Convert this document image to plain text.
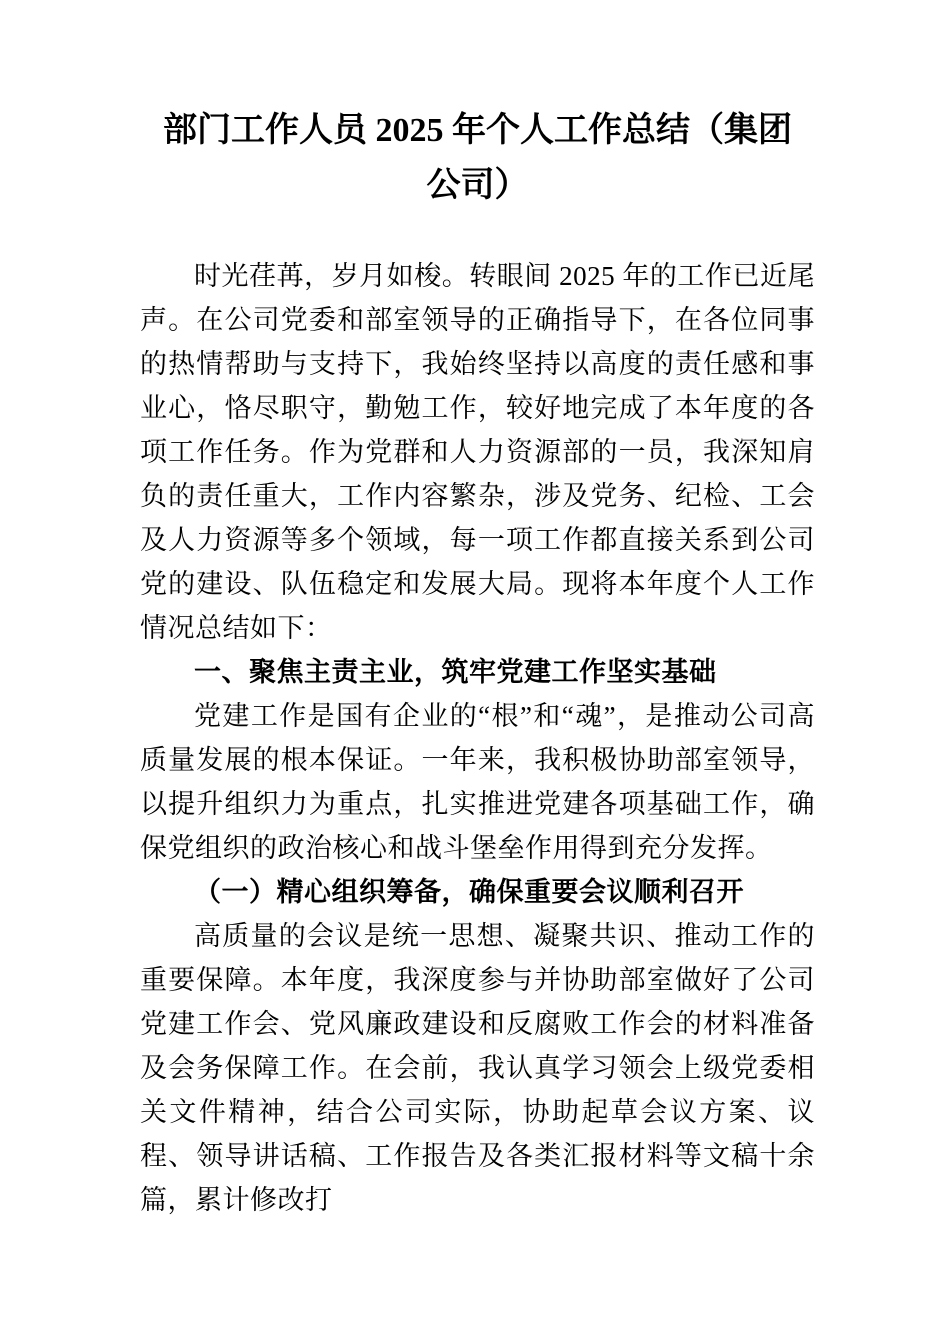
部门工作人员 2025 年个人工作总结（集团
公司）

时光荏苒，岁月如梭。转眼间 2025 年的工作已近尾声。在公司党委和部室领导的正确指导下，在各位同事的热情帮助与支持下，我始终坚持以高度的责任感和事业心，恪尽职守，勤勉工作，较好地完成了本年度的各项工作任务。作为党群和人力资源部的一员，我深知肩负的责任重大，工作内容繁杂，涉及党务、纪检、工会及人力资源等多个领域，每一项工作都直接关系到公司党的建设、队伍稳定和发展大局。现将本年度个人工作情况总结如下：

一、聚焦主责主业，筑牢党建工作坚实基础

党建工作是国有企业的“根”和“魂”，是推动公司高质量发展的根本保证。一年来，我积极协助部室领导，以提升组织力为重点，扎实推进党建各项基础工作，确保党组织的政治核心和战斗堡垒作用得到充分发挥。

（一）精心组织筹备，确保重要会议顺利召开

高质量的会议是统一思想、凝聚共识、推动工作的重要保障。本年度，我深度参与并协助部室做好了公司党建工作会、党风廉政建设和反腐败工作会的材料准备及会务保障工作。在会前，我认真学习领会上级党委相关文件精神，结合公司实际，协助起草会议方案、议程、领导讲话稿、工作报告及各类汇报材料等文稿十余篇，累计修改打
